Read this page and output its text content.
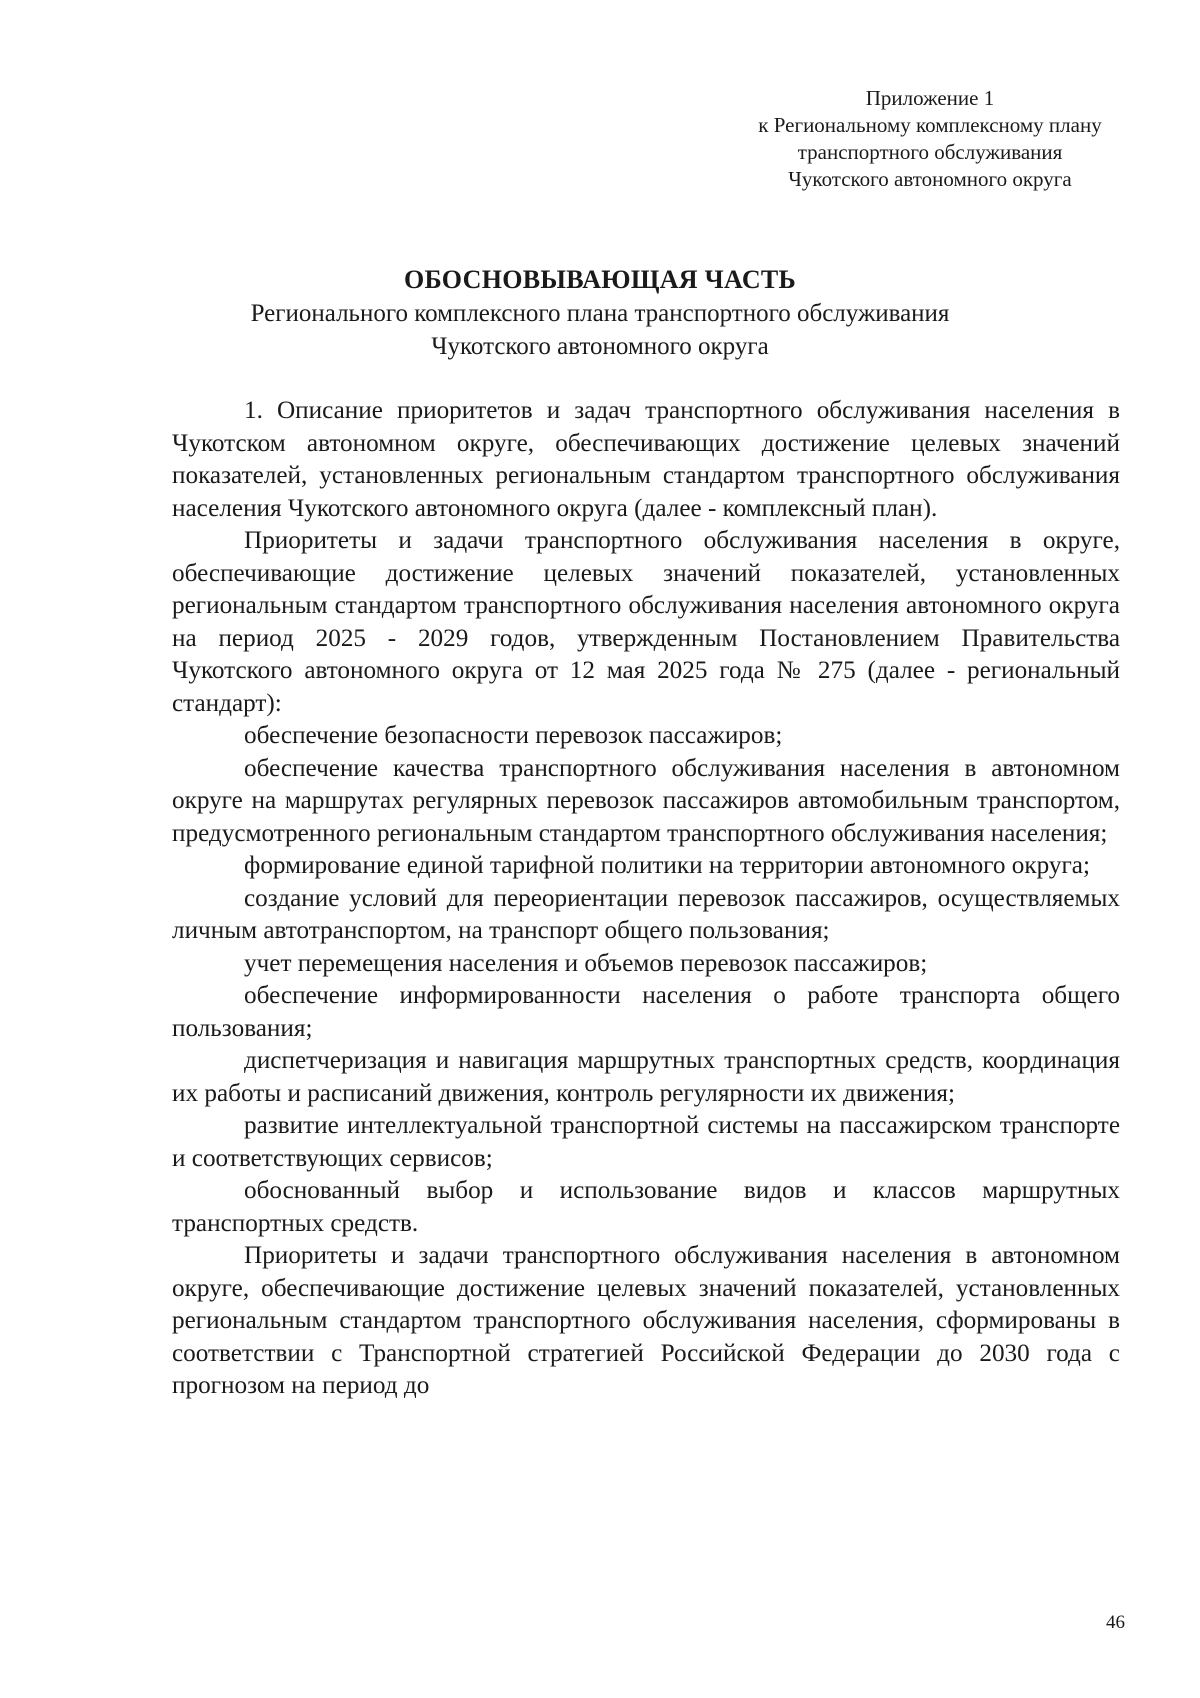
Приложение 1
к Региональному комплексному плану
транспортного обслуживания
Чукотского автономного округа
ОБОСНОВЫВАЮЩАЯ ЧАСТЬ
Регионального комплексного плана транспортного обслуживания
Чукотского автономного округа

1. Описание приоритетов и задач транспортного обслуживания населения в Чукотском автономном округе, обеспечивающих достижение целевых значений показателей, установленных региональным стандартом транспортного обслуживания населения Чукотского автономного округа (далее - комплексный план).

Приоритеты и задачи транспортного обслуживания населения в округе, обеспечивающие достижение целевых значений показателей, установленных региональным стандартом транспортного обслуживания населения автономного округа на период 2025 - 2029 годов, утвержденным Постановлением Правительства Чукотского автономного округа от 12 мая 2025 года № 275 (далее - региональный стандарт):

обеспечение безопасности перевозок пассажиров;

обеспечение качества транспортного обслуживания населения в автономном округе на маршрутах регулярных перевозок пассажиров автомобильным транспортом, предусмотренного региональным стандартом транспортного обслуживания населения;

формирование единой тарифной политики на территории автономного округа;

создание условий для переориентации перевозок пассажиров, осуществляемых личным автотранспортом, на транспорт общего пользования;

учет перемещения населения и объемов перевозок пассажиров;

обеспечение информированности населения о работе транспорта общего пользования;

диспетчеризация и навигация маршрутных транспортных средств, координация их работы и расписаний движения, контроль регулярности их движения;

развитие интеллектуальной транспортной системы на пассажирском транспорте и соответствующих сервисов;

обоснованный выбор и использование видов и классов маршрутных транспортных средств.

Приоритеты и задачи транспортного обслуживания населения в автономном округе, обеспечивающие достижение целевых значений показателей, установленных региональным стандартом транспортного обслуживания населения, сформированы в соответствии с Транспортной стратегией Российской Федерации до 2030 года с прогнозом на период до

46
